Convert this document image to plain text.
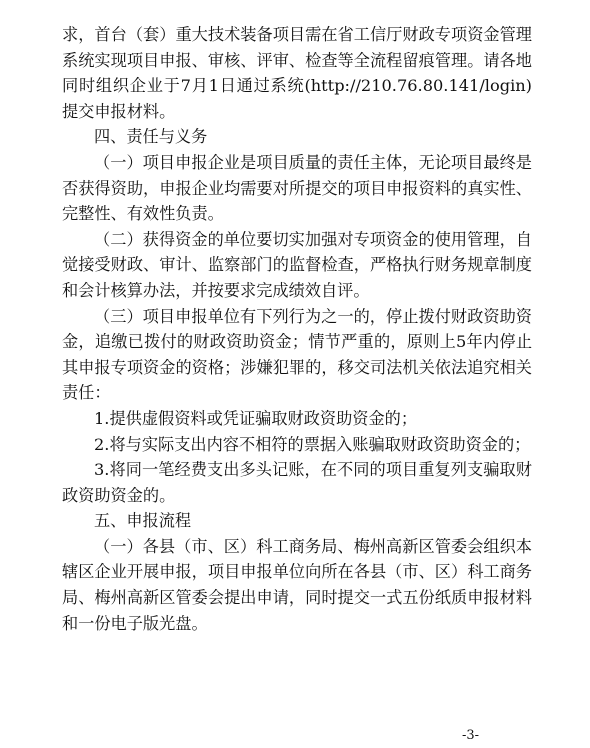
求，首台（套）重大技术装备项目需在省工信厅财政专项资金管理系统实现项目申报、审核、评审、检查等全流程留痕管理。请各地同时组织企业于7月1日通过系统(http://210.76.80.141/login)提交申报材料。

四、责任与义务

（一）项目申报企业是项目质量的责任主体，无论项目最终是否获得资助，申报企业均需要对所提交的项目申报资料的真实性、完整性、有效性负责。

（二）获得资金的单位要切实加强对专项资金的使用管理，自觉接受财政、审计、监察部门的监督检查，严格执行财务规章制度和会计核算办法，并按要求完成绩效自评。

（三）项目申报单位有下列行为之一的，停止拨付财政资助资金，追缴已拨付的财政资助资金；情节严重的，原则上5年内停止其申报专项资金的资格；涉嫌犯罪的，移交司法机关依法追究相关责任：

1.提供虚假资料或凭证骗取财政资助资金的；

2.将与实际支出内容不相符的票据入账骗取财政资助资金的；

3.将同一笔经费支出多头记账，在不同的项目重复列支骗取财政资助资金的。

五、申报流程

（一）各县（市、区）科工商务局、梅州高新区管委会组织本辖区企业开展申报，项目申报单位向所在各县（市、区）科工商务局、梅州高新区管委会提出申请，同时提交一式五份纸质申报材料和一份电子版光盘。

-3-
